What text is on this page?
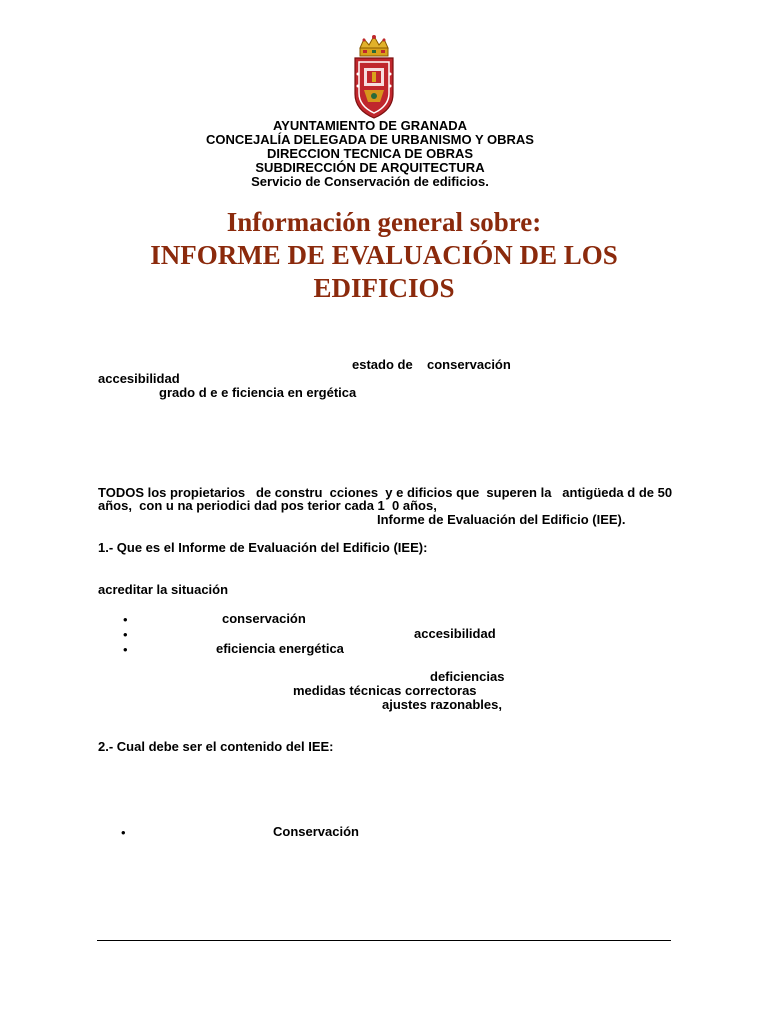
AYUNTAMIENTO DE GRANADA
CONCEJALÍA DELEGADA DE URBANISMO Y OBRAS
DIRECCION TECNICA DE OBRAS
SUBDIRECCIÓN DE ARQUITECTURA
Servicio de Conservación de edificios.
Información general sobre:
INFORME DE EVALUACIÓN DE LOS
EDIFICIOS
estado de conservación
accesibilidad
grado d e e ficiencia en ergética
TODOS los propietarios   de constru  cciones  y e dificios que  superen la   antigüeda d de 50
años,  con u na periodici dad pos terior cada 1  0 años,
Informe de Evaluación del Edificio (IEE).
1.- Que es el Informe de Evaluación del Edificio (IEE):
acreditar la situación
•	conservación
•	accesibilidad
•	eficiencia energética
deficiencias
medidas técnicas correctoras
ajustes razonables,
2.- Cual debe ser el contenido del IEE:
•	Conservación
